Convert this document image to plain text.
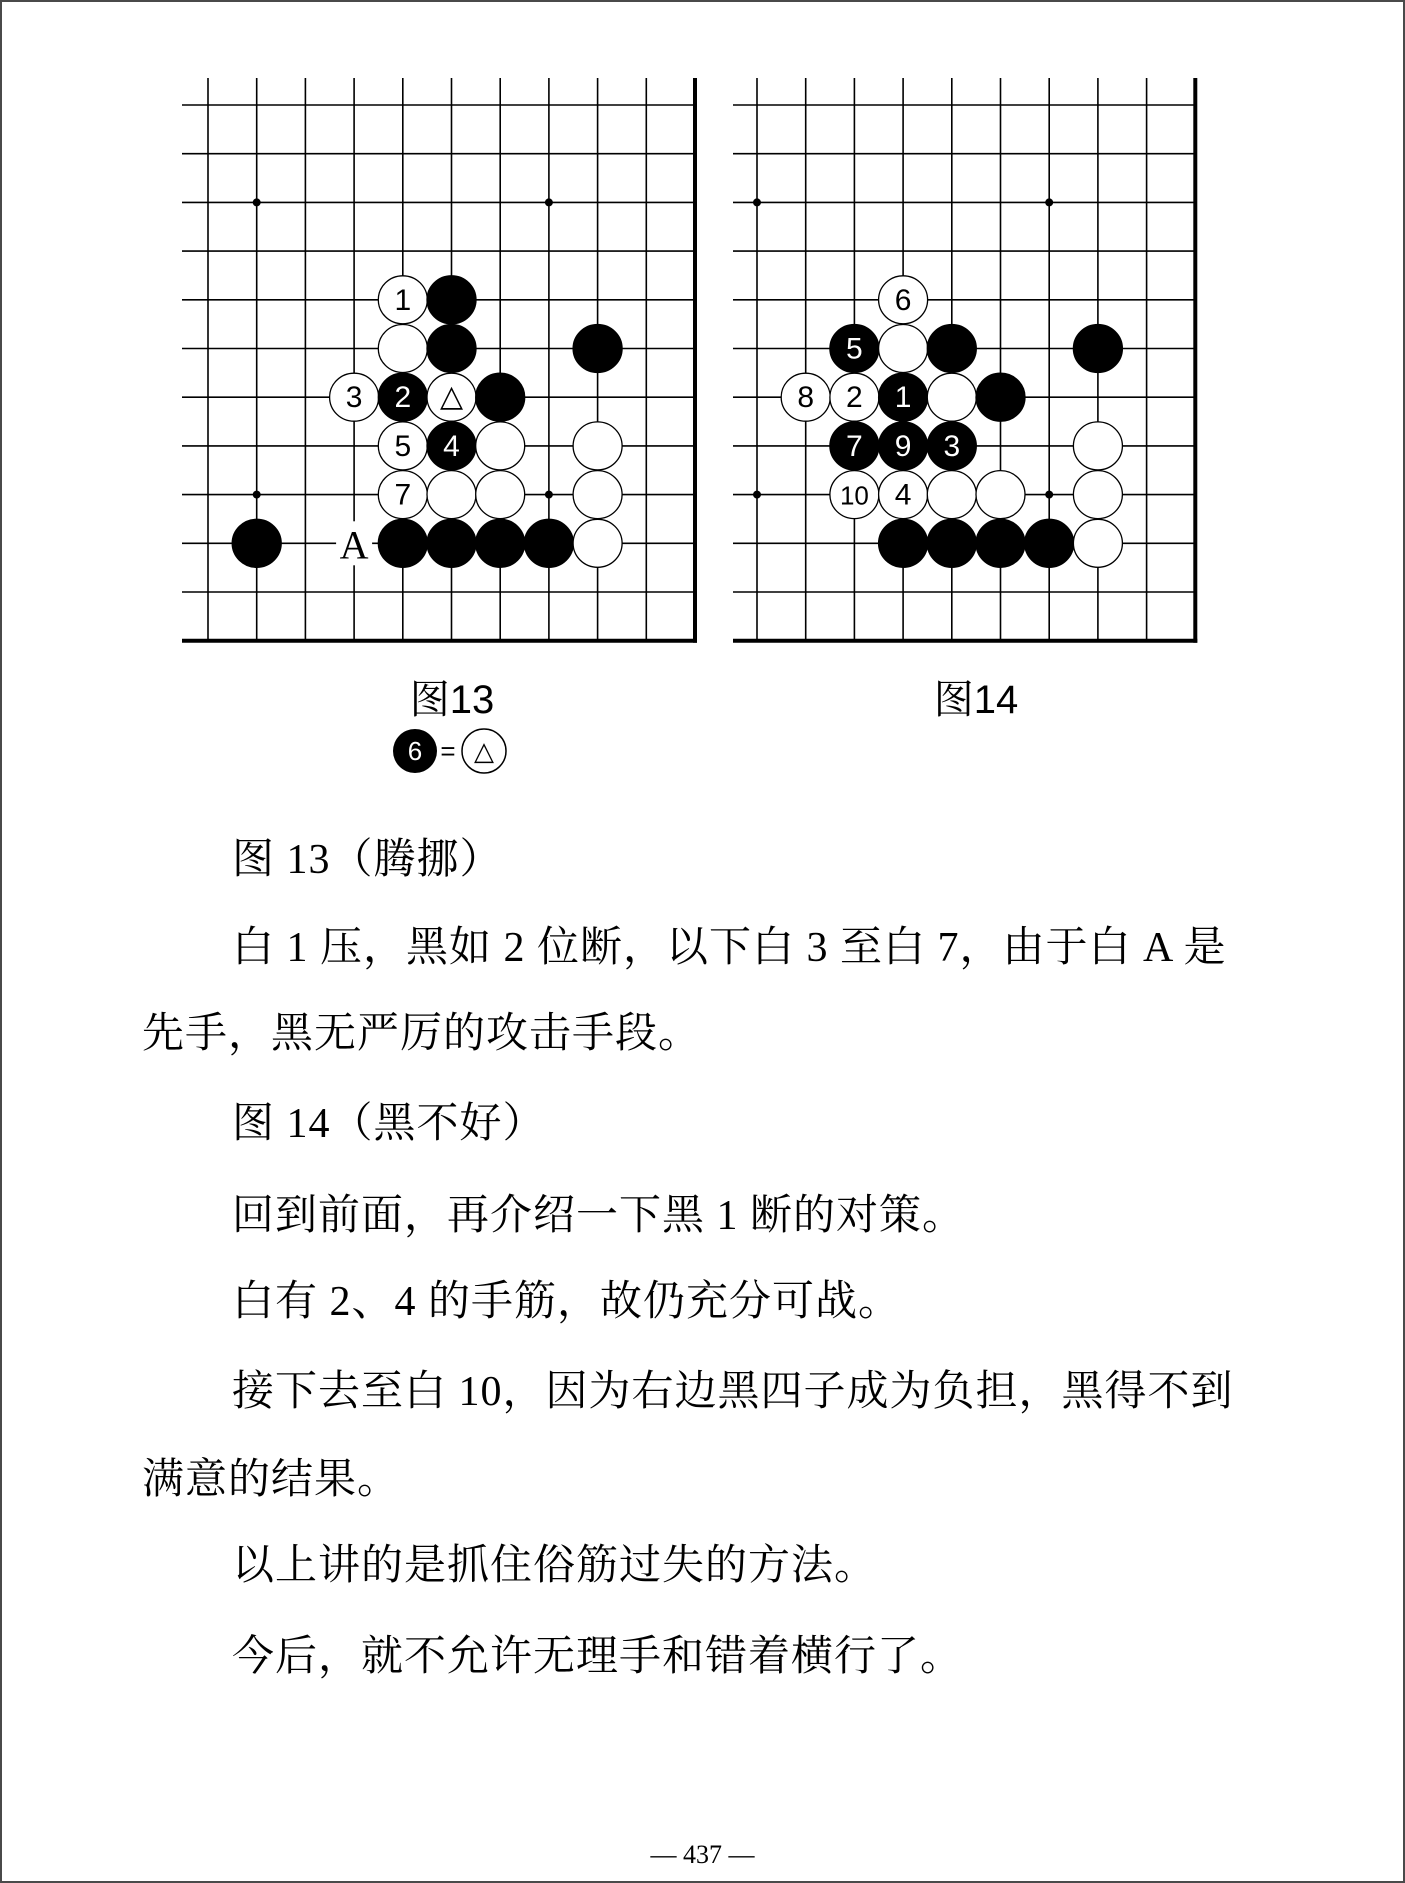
A
1
3 2 △
5 4
7
6
5
8 2 1
7 9 3
10 4
图13	图14
6 = △
图 13（腾挪）
白 1 压，黑如 2 位断，以下白 3 至白 7，由于白 A 是
先手，黑无严厉的攻击手段。
图 14（黑不好）
回到前面，再介绍一下黑 1 断的对策。
白有 2、4 的手筋，故仍充分可战。
接下去至白 10，因为右边黑四子成为负担，黑得不到
满意的结果。
以上讲的是抓住俗筋过失的方法。
今后，就不允许无理手和错着横行了。
— 437 —
